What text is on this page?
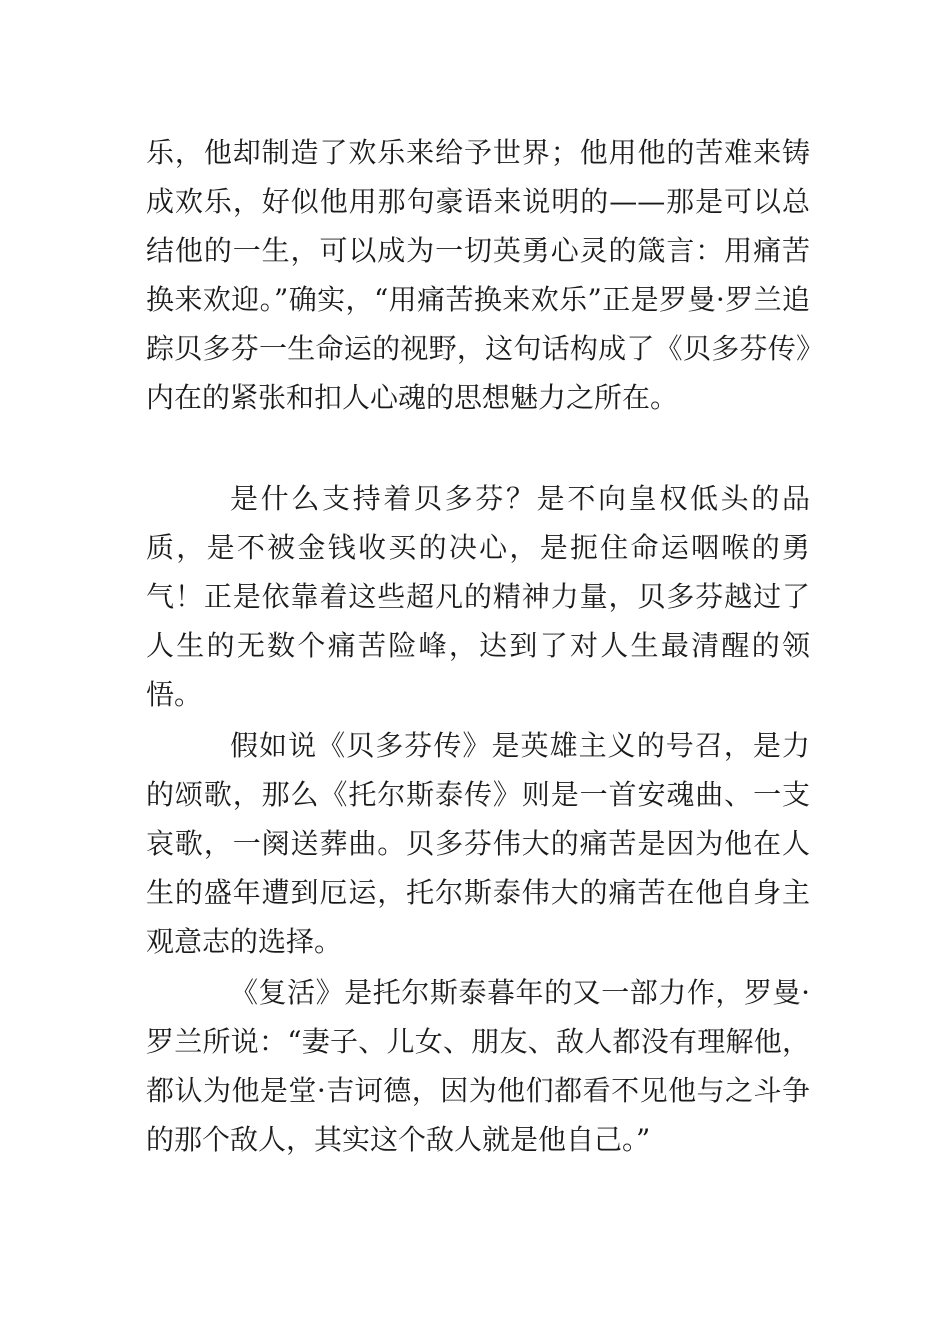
乐，他却制造了欢乐来给予世界；他用他的苦难来铸成欢乐，好似他用那句豪语来说明的——那是可以总结他的一生，可以成为一切英勇心灵的箴言：用痛苦换来欢迎。”确实，“用痛苦换来欢乐”正是罗曼·罗兰追踪贝多芬一生命运的视野，这句话构成了《贝多芬传》内在的紧张和扣人心魂的思想魅力之所在。

是什么支持着贝多芬？是不向皇权低头的品质，是不被金钱收买的决心，是扼住命运咽喉的勇气！正是依靠着这些超凡的精神力量，贝多芬越过了人生的无数个痛苦险峰，达到了对人生最清醒的领悟。

假如说《贝多芬传》是英雄主义的号召，是力的颂歌，那么《托尔斯泰传》则是一首安魂曲、一支哀歌，一阕送葬曲。贝多芬伟大的痛苦是因为他在人生的盛年遭到厄运，托尔斯泰伟大的痛苦在他自身主观意志的选择。

《复活》是托尔斯泰暮年的又一部力作，罗曼·罗兰所说：“妻子、儿女、朋友、敌人都没有理解他，都认为他是堂·吉诃德，因为他们都看不见他与之斗争的那个敌人，其实这个敌人就是他自己。”
